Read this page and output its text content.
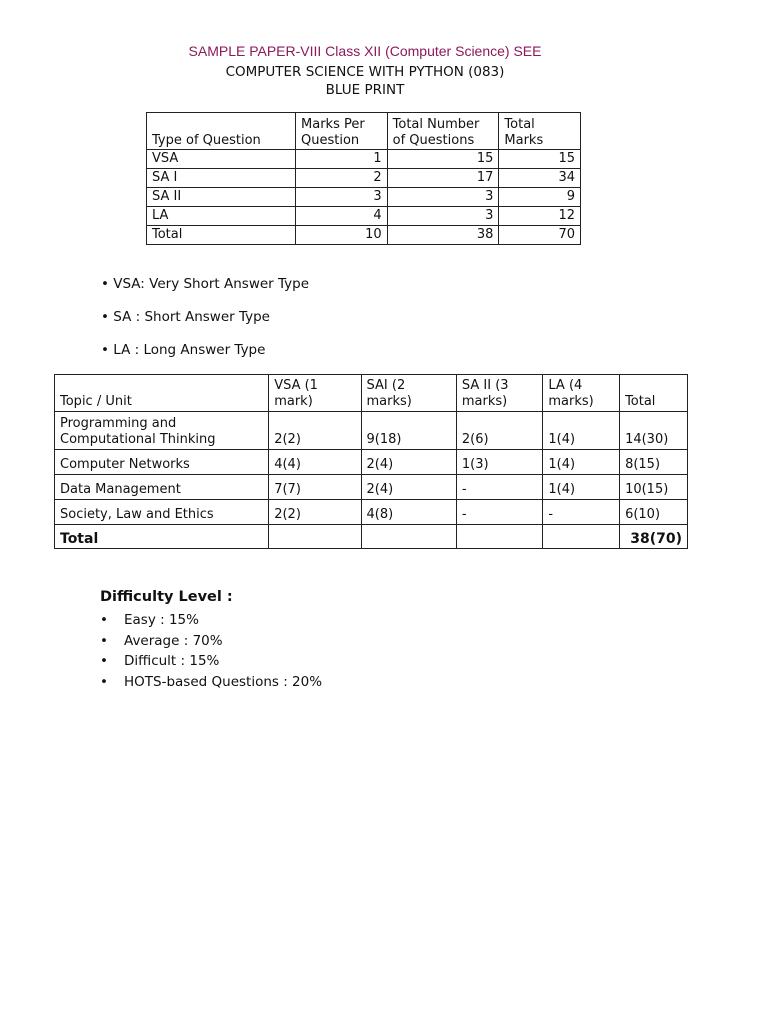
SAMPLE PAPER-VIII Class XII (Computer Science) SEE
COMPUTER SCIENCE WITH PYTHON (083)
BLUE PRINT
Type of Question	Marks Per Question	Total Number of Questions	Total Marks
VSA	1	15	15
SA I	2	17	34
SA II	3	3	9
LA	4	3	12
Total	10	38	70
• VSA: Very Short Answer Type
• SA : Short Answer Type
• LA : Long Answer Type
Topic / Unit	VSA (1 mark)	SAI (2 marks)	SA II (3 marks)	LA (4 marks)	Total
Programming and Computational Thinking	2(2)	9(18)	2(6)	1(4)	14(30)
Computer Networks	4(4)	2(4)	1(3)	1(4)	8(15)
Data Management	7(7)	2(4)	-	1(4)	10(15)
Society, Law and Ethics	2(2)	4(8)	-	-	6(10)
Total					38(70)
Difficulty Level :
• Easy : 15%
• Average : 70%
• Difficult : 15%
• HOTS-based Questions : 20%
